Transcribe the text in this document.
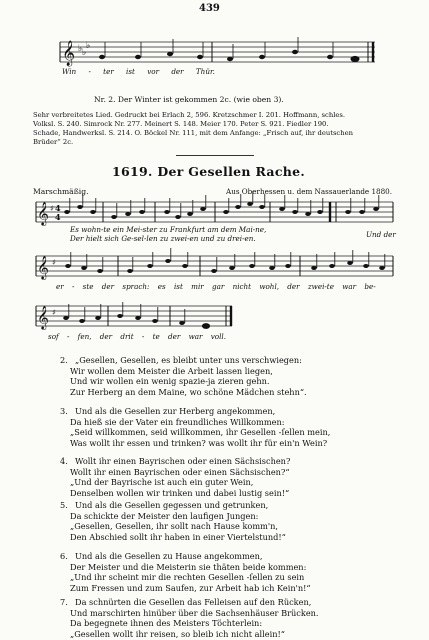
439
𝄞 ♭ ♭
♭
Win - ter ist vor der Thür.
Nr. 2. Der Winter ist gekommen 2c. (wie oben 3).
Sehr verbreitetes Lied. Gedruckt bei Erlach 2, 596. Kretzschmer I. 201. Hoffmann, schles.
Volksl. S. 240. Simrock Nr. 277. Meinert S. 148. Meier 170. Peter S. 921. Fiedler 190.
Schade, Handwerksl. S. 214. O. Böckel Nr. 111, mit dem Anfange: „Frisch auf, ihr deutschen
Brüder“ 2c.
1619. Der Gesellen Rache.
Marschmäßig.	Aus Oberhessen u. dem Nassauerlande 1880.
𝄞 ♯ 4
4
Es wohn-te ein Mei-ster zu Frankfurt am dem Mai-ne,
Der hielt sich Ge-sel-len zu zwei-en und zu drei-en.	Und der
𝄞 ♯
er - ste der sprach: es ist mir gar nicht wohl, der zwei-te war be-
𝄞 ♯
sof - fen, der drit - te der war voll.
2. „Gesellen, Gesellen, es bleibt unter uns verschwiegen:
Wir wollen dem Meister die Arbeit lassen liegen,
Und wir wollen ein wenig spazie-ja zieren gehn.
Zur Herberg an dem Maine, wo schöne Mädchen stehn“.
3. Und als die Gesellen zur Herberg angekommen,
Da hieß sie der Vater ein freundliches Willkommen:
„Seid willkommen, seid willkommen, ihr Gesellen -ſellen mein,
Was wollt ihr essen und trinken? was wollt ihr für ein'n Wein?
4. Wollt ihr einen Bayrischen oder einen Sächsischen?
Wollt ihr einen Bayrischen oder einen Sächsischen?“
„Und der Bayrische ist auch ein guter Wein,
Denselben wollen wir trinken und dabei lustig sein!“
5. Und als die Gesellen gegessen und getrunken,
Da schickte der Meister den laufigen Jungen:
„Gesellen, Gesellen, ihr sollt nach Hause komm'n,
Den Abschied sollt ihr haben in einer Viertelstund!“
6. Und als die Gesellen zu Hause angekommen,
Der Meister und die Meisterin sie thäten beide kommen:
„Und ihr scheint mir die rechten Gesellen -ſellen zu sein
Zum Fressen und zum Saufen, zur Arbeit hab ich Kein'n!“
7. Da schnürten die Gesellen das Felleisen auf den Rücken,
Und marschirten hinüber über die Sachsenhäuser Brücken.
Da begegnete ihnen des Meisters Töchterlein:
„Gesellen wollt ihr reisen, so bleib ich nicht allein!“
